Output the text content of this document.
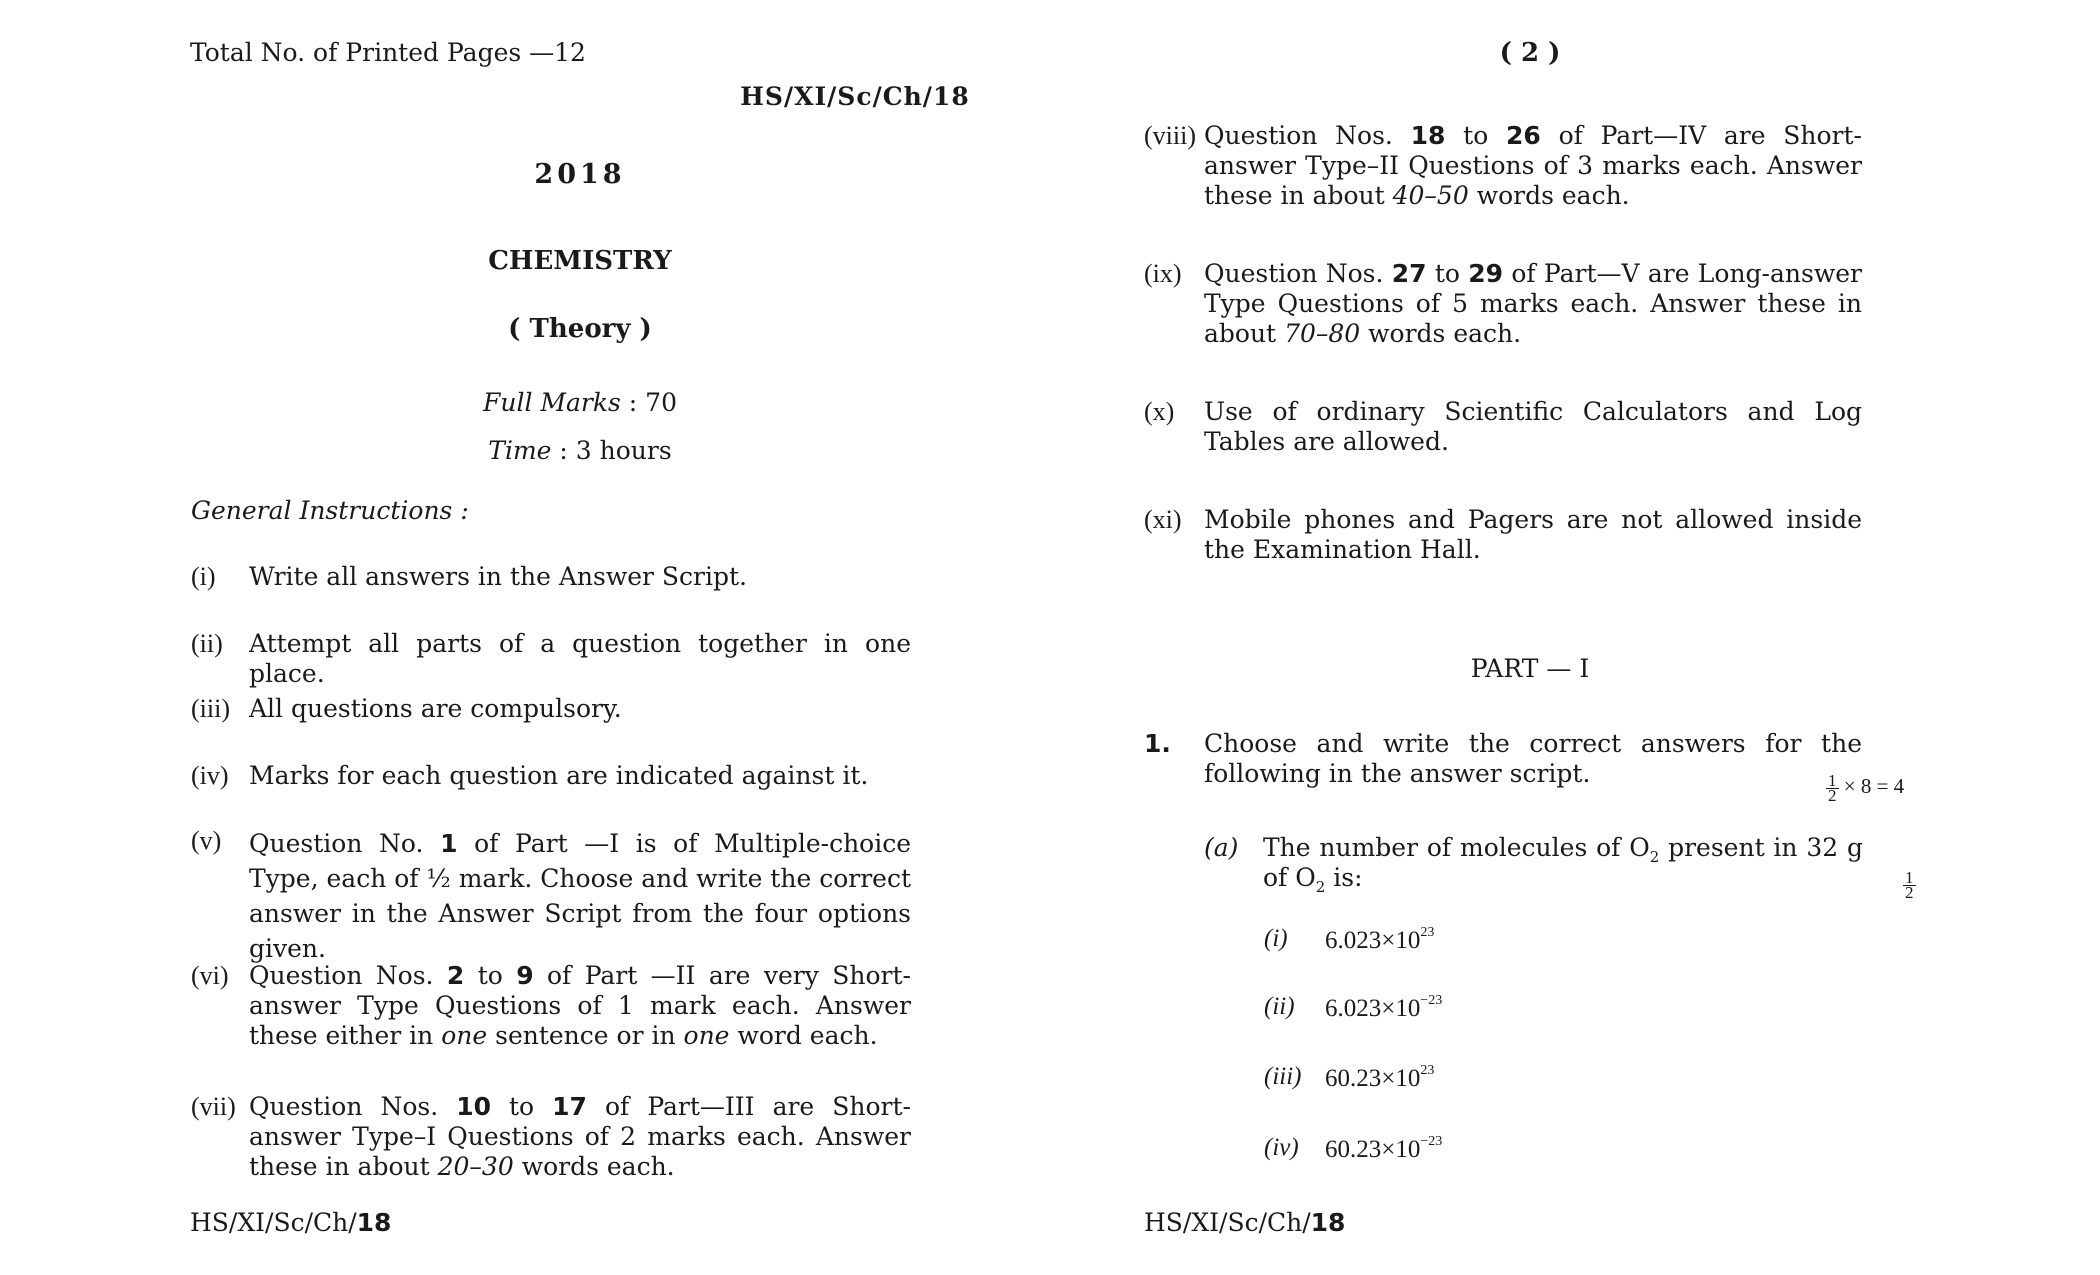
Total No. of Printed Pages —12
HS/XI/Sc/Ch/18
2018
CHEMISTRY
( Theory )
Full Marks : 70
Time : 3 hours
General Instructions :
(i) Write all answers in the Answer Script.
(ii) Attempt all parts of a question together in one place.
(iii) All questions are compulsory.
(iv) Marks for each question are indicated against it.
(v) Question No. 1 of Part —I is of Multiple-choice Type, each of ½ mark. Choose and write the correct answer in the Answer Script from the four options given.
(vi) Question Nos. 2 to 9 of Part —II are very Short-answer Type Questions of 1 mark each. Answer these either in one sentence or in one word each.
(vii) Question Nos. 10 to 17 of Part—III are Short-answer Type–I Questions of 2 marks each. Answer these in about 20–30 words each.
HS/XI/Sc/Ch/18
( 2 )
(viii) Question Nos. 18 to 26 of Part—IV are Short-answer Type–II Questions of 3 marks each. Answer these in about 40–50 words each.
(ix) Question Nos. 27 to 29 of Part—V are Long-answer Type Questions of 5 marks each. Answer these in about 70–80 words each.
(x) Use of ordinary Scientific Calculators and Log Tables are allowed.
(xi) Mobile phones and Pagers are not allowed inside the Examination Hall.
PART — I
1. Choose and write the correct answers for the following in the answer script.
$\frac{1}{2} \times 8 = 4$
(a) The number of molecules of $O_2$ present in 32 g of $O_2$ is:	$\frac{1}{2}$
(i) $6.023\times 10^{23}$
(ii) $6.023\times 10^{-23}$
(iii) $60.23\times 10^{23}$
(iv) $60.23\times 10^{-23}$
HS/XI/Sc/Ch/18
